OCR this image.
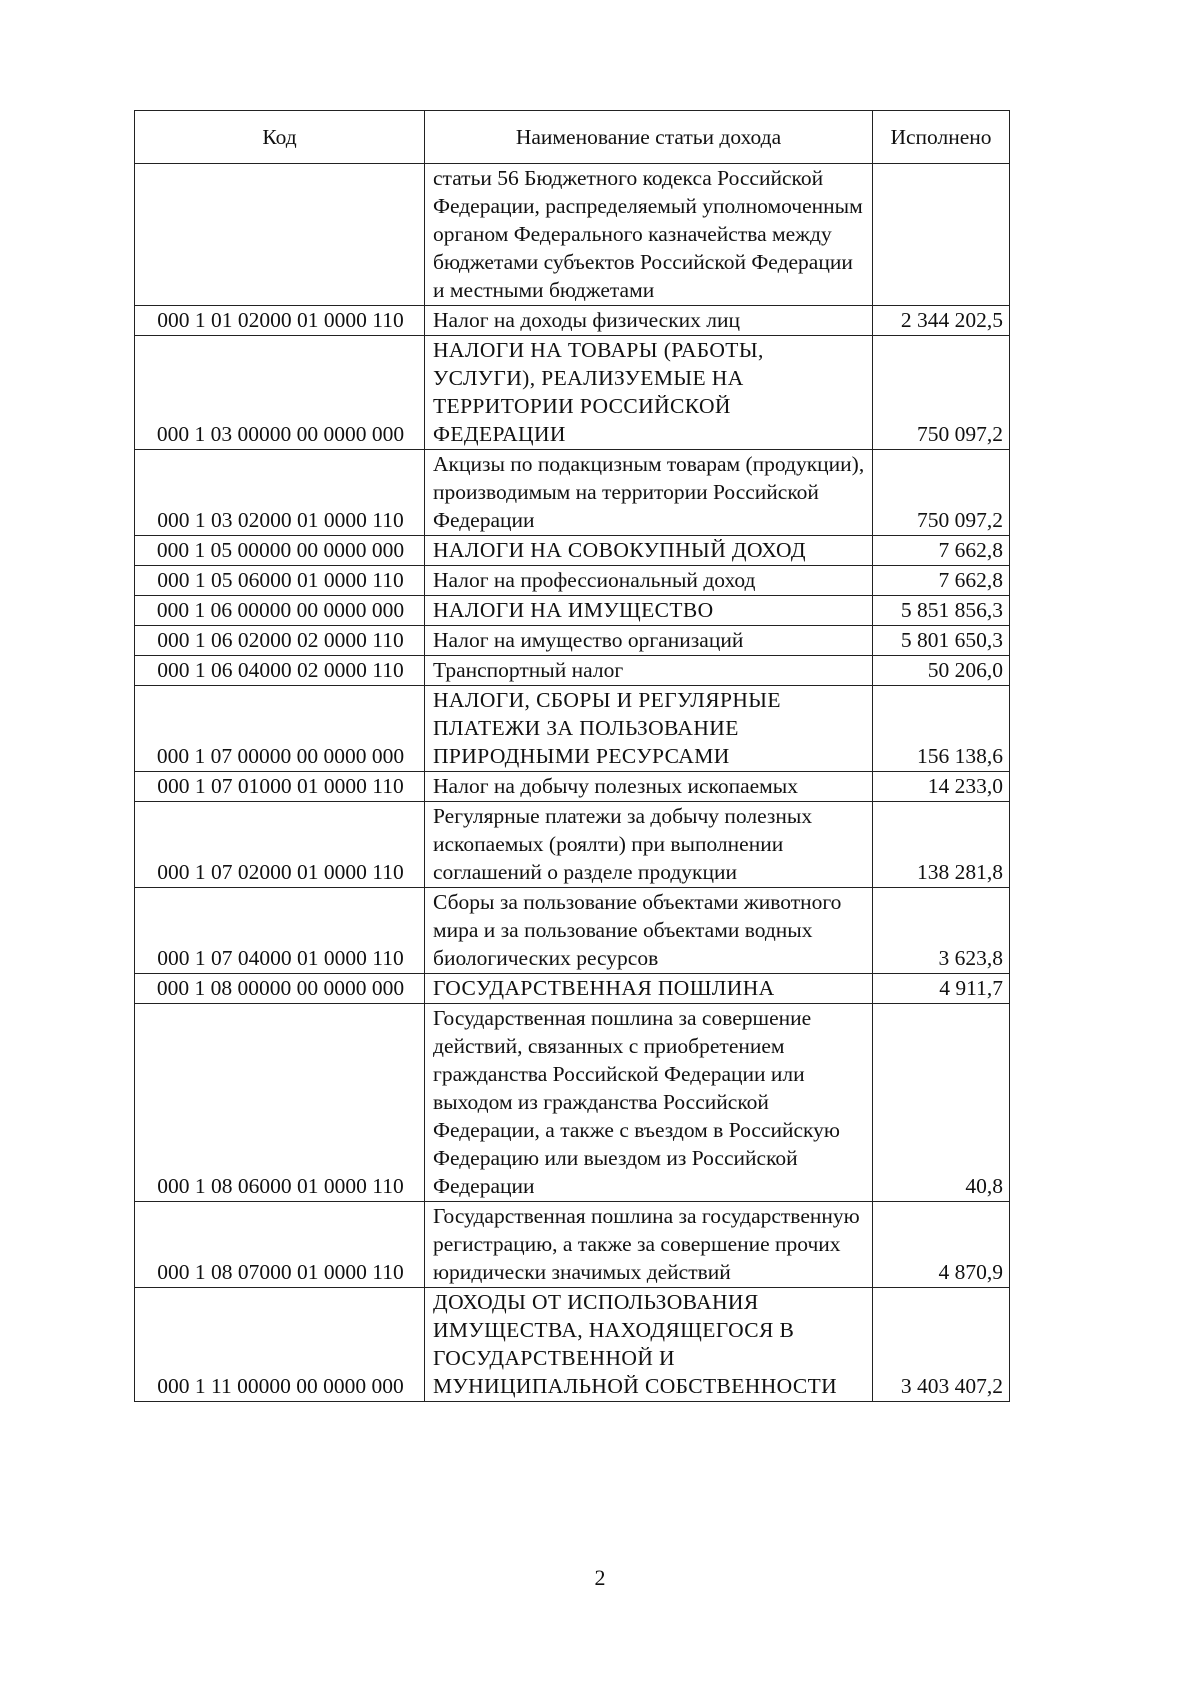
Код	Наименование статьи дохода	Исполнено
	статьи 56 Бюджетного кодекса Российской Федерации, распределяемый уполномоченным органом Федерального казначейства между бюджетами субъектов Российской Федерации и местными бюджетами	
000 1 01 02000 01 0000 110	Налог на доходы физических лиц	2 344 202,5
000 1 03 00000 00 0000 000	НАЛОГИ НА ТОВАРЫ (РАБОТЫ, УСЛУГИ), РЕАЛИЗУЕМЫЕ НА ТЕРРИТОРИИ РОССИЙСКОЙ ФЕДЕРАЦИИ	750 097,2
000 1 03 02000 01 0000 110	Акцизы по подакцизным товарам (продукции), производимым на территории Российской Федерации	750 097,2
000 1 05 00000 00 0000 000	НАЛОГИ НА СОВОКУПНЫЙ ДОХОД	7 662,8
000 1 05 06000 01 0000 110	Налог на профессиональный доход	7 662,8
000 1 06 00000 00 0000 000	НАЛОГИ НА ИМУЩЕСТВО	5 851 856,3
000 1 06 02000 02 0000 110	Налог на имущество организаций	5 801 650,3
000 1 06 04000 02 0000 110	Транспортный налог	50 206,0
000 1 07 00000 00 0000 000	НАЛОГИ, СБОРЫ И РЕГУЛЯРНЫЕ ПЛАТЕЖИ ЗА ПОЛЬЗОВАНИЕ ПРИРОДНЫМИ РЕСУРСАМИ	156 138,6
000 1 07 01000 01 0000 110	Налог на добычу полезных ископаемых	14 233,0
000 1 07 02000 01 0000 110	Регулярные платежи за добычу полезных ископаемых (роялти) при выполнении соглашений о разделе продукции	138 281,8
000 1 07 04000 01 0000 110	Сборы за пользование объектами животного мира и за пользование объектами водных биологических ресурсов	3 623,8
000 1 08 00000 00 0000 000	ГОСУДАРСТВЕННАЯ ПОШЛИНА	4 911,7
000 1 08 06000 01 0000 110	Государственная пошлина за совершение действий, связанных с приобретением гражданства Российской Федерации или выходом из гражданства Российской Федерации, а также с въездом в Российскую Федерацию или выездом из Российской Федерации	40,8
000 1 08 07000 01 0000 110	Государственная пошлина за государственную регистрацию, а также за совершение прочих юридически значимых действий	4 870,9
000 1 11 00000 00 0000 000	ДОХОДЫ ОТ ИСПОЛЬЗОВАНИЯ ИМУЩЕСТВА, НАХОДЯЩЕГОСЯ В ГОСУДАРСТВЕННОЙ И МУНИЦИПАЛЬНОЙ СОБСТВЕННОСТИ	3 403 407,2
2
